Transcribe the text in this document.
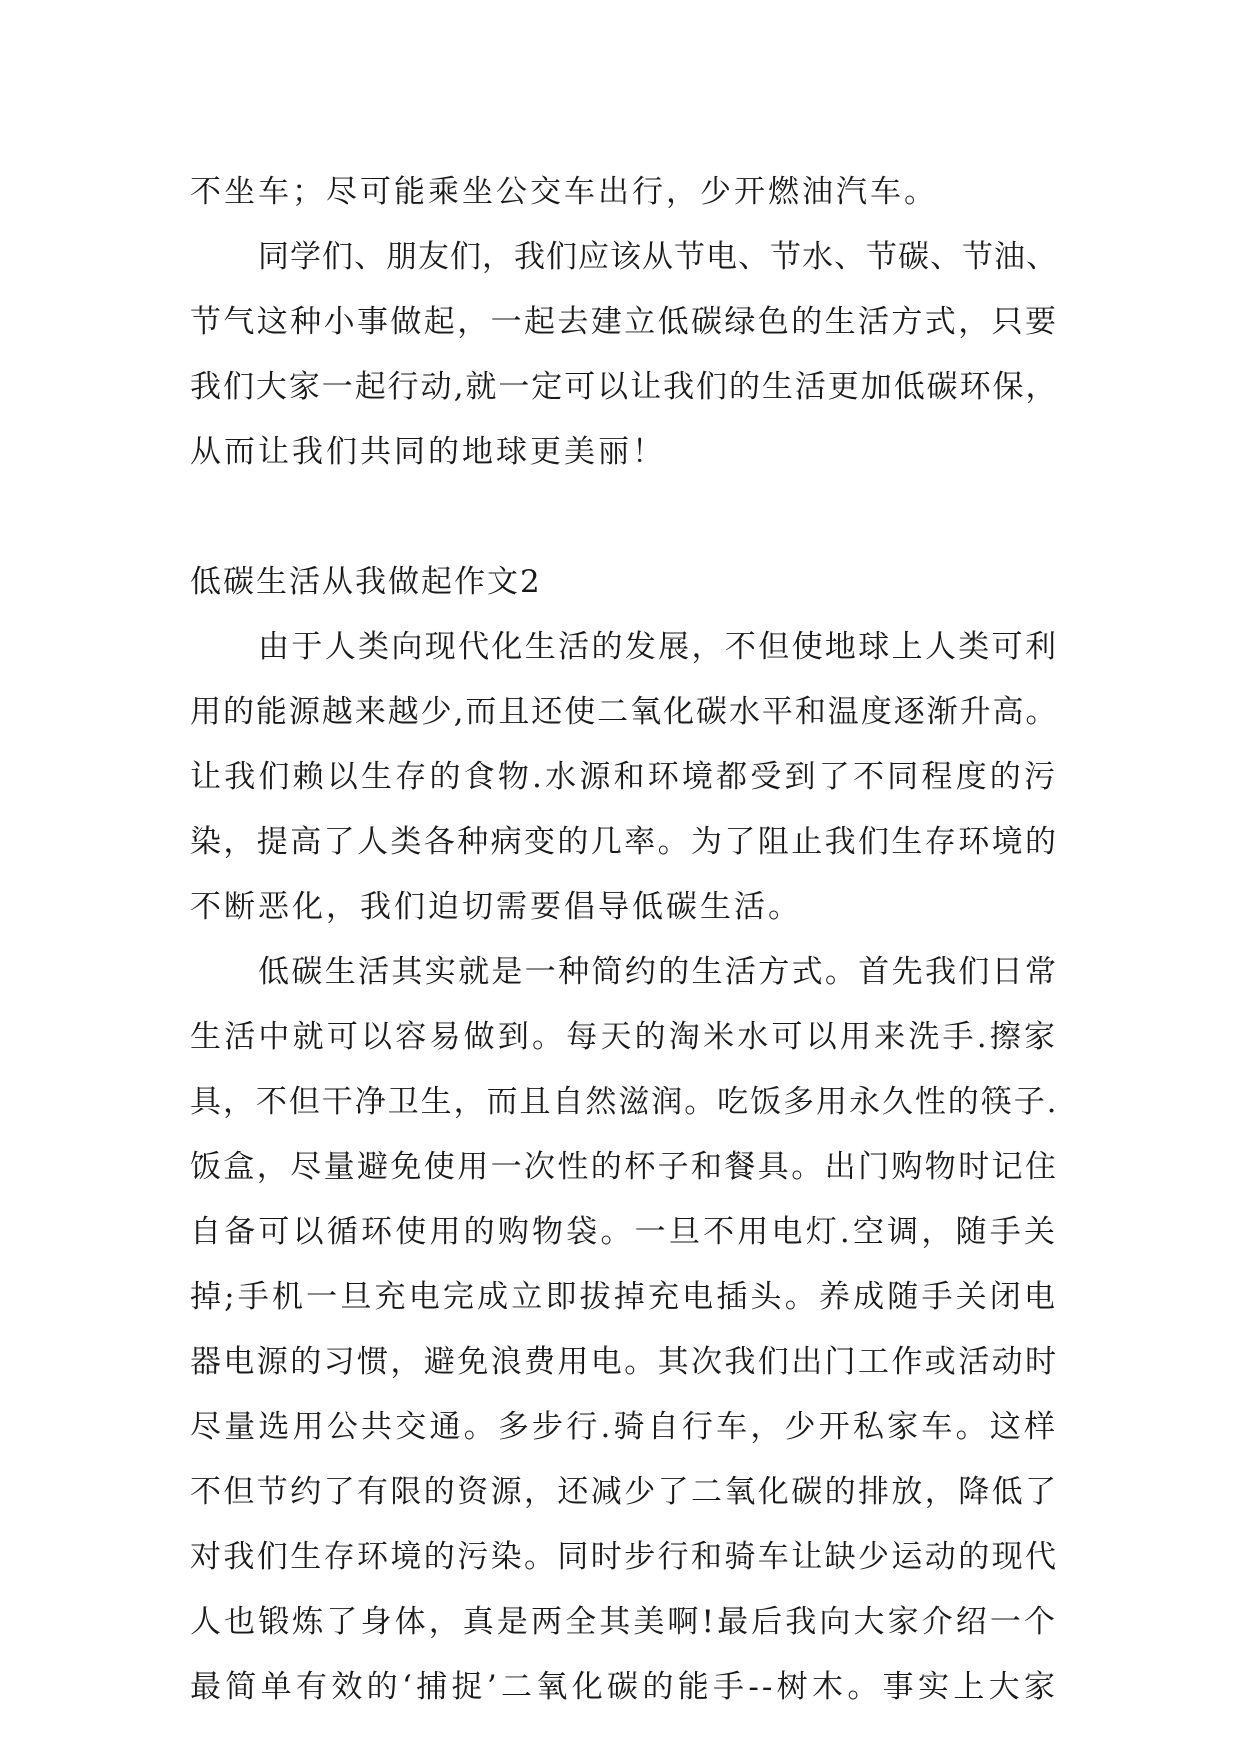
不坐车；尽可能乘坐公交车出行，少开燃油汽车。

同学们、朋友们，我们应该从节电、节水、节碳、节油、
节气这种小事做起，一起去建立低碳绿色的生活方式，只要
我们大家一起行动,就一定可以让我们的生活更加低碳环保，
从而让我们共同的地球更美丽！

低碳生活从我做起作文2

由于人类向现代化生活的发展，不但使地球上人类可利
用的能源越来越少,而且还使二氧化碳水平和温度逐渐升高。
让我们赖以生存的食物.水源和环境都受到了不同程度的污
染，提高了人类各种病变的几率。为了阻止我们生存环境的
不断恶化，我们迫切需要倡导低碳生活。

低碳生活其实就是一种简约的生活方式。首先我们日常
生活中就可以容易做到。每天的淘米水可以用来洗手.擦家
具，不但干净卫生，而且自然滋润。吃饭多用永久性的筷子.
饭盒，尽量避免使用一次性的杯子和餐具。出门购物时记住
自备可以循环使用的购物袋。一旦不用电灯.空调，随手关
掉;手机一旦充电完成立即拔掉充电插头。养成随手关闭电
器电源的习惯，避免浪费用电。其次我们出门工作或活动时
尽量选用公共交通。多步行.骑自行车，少开私家车。这样
不但节约了有限的资源，还减少了二氧化碳的排放，降低了
对我们生存环境的污染。同时步行和骑车让缺少运动的现代
人也锻炼了身体，真是两全其美啊!最后我向大家介绍一个
最简单有效的‘捕捉’二氧化碳的能手--树木。事实上大家
